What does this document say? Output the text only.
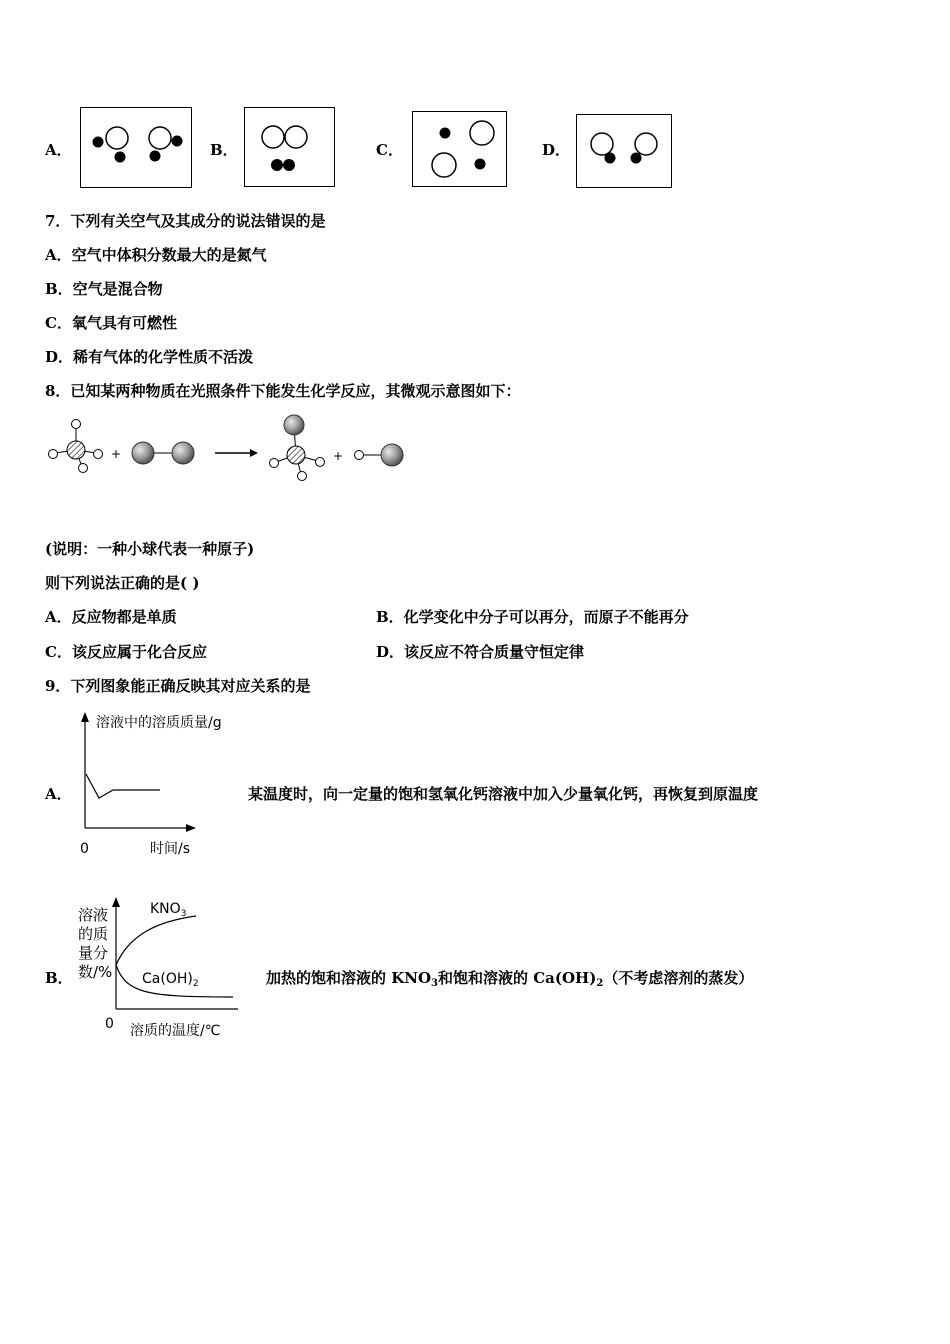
A．	B．	C．	D．
7．下列有关空气及其成分的说法错误的是
A．空气中体积分数最大的是氮气
B．空气是混合物
C．氧气具有可燃性
D．稀有气体的化学性质不活泼
8．已知某两种物质在光照条件下能发生化学反应，其微观示意图如下：
+	+
(说明：一种小球代表一种原子)
则下列说法正确的是( )
A．反应物都是单质	B．化学变化中分子可以再分，而原子不能再分
C．该反应属于化合反应	D．该反应不符合质量守恒定律
9．下列图象能正确反映其对应关系的是
A．
溶液中的溶质质量/g
时间/s
0
某温度时，向一定量的饱和氢氧化钙溶液中加入少量氧化钙，再恢复到原温度
B．
溶液
的质
量分
数/%
$KNO_3$
$Ca(OH)_2$
0 溶质的温度/℃
加热的饱和溶液的 $KNO_3$和饱和溶液的 $Ca(OH)_2$（不考虑溶剂的蒸发）
